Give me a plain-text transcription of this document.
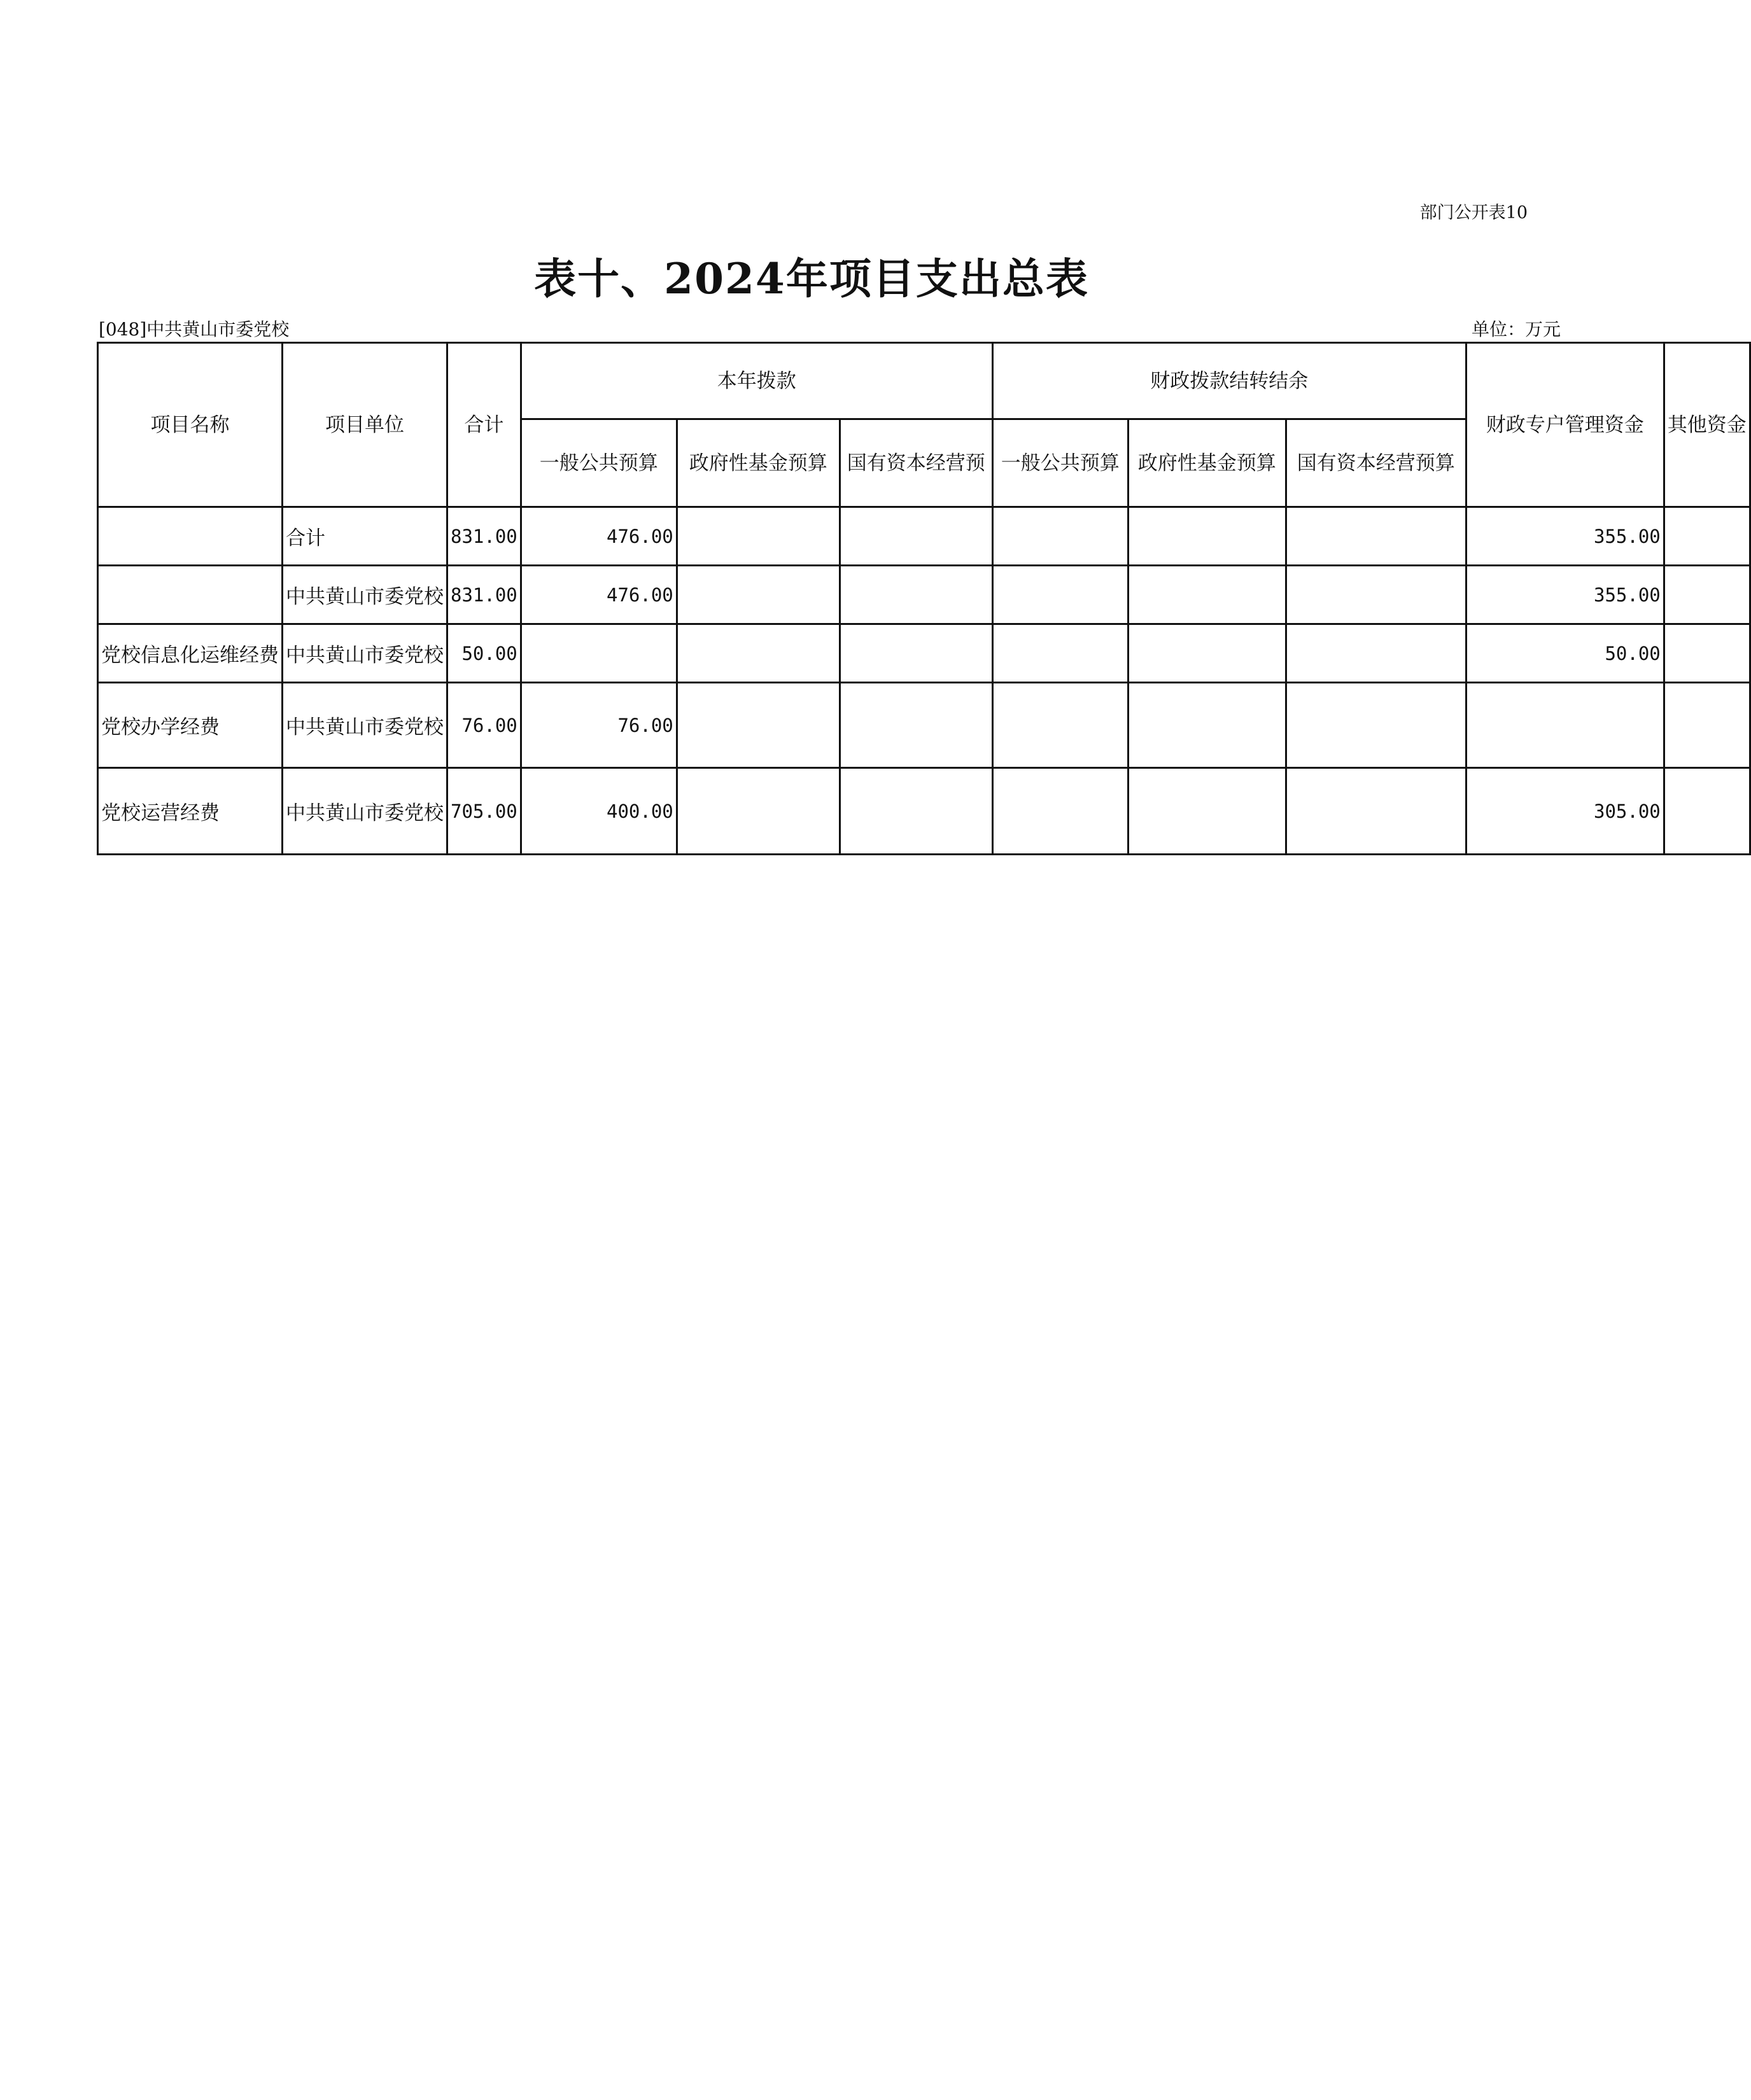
部门公开表10
表十、2024年项目支出总表
[048]中共黄山市委党校	单位：万元
项目名称	项目单位	合计	本年拨款			财政拨款结转结余			财政专户管理资金	其他资金
			一般公共预算	政府性基金预算	国有资本经营预	一般公共预算	政府性基金预算	国有资本经营预算		
	合计	831.00	476.00						355.00	
	中共黄山市委党校	831.00	476.00						355.00	
党校信息化运维经费	中共黄山市委党校	50.00							50.00	
党校办学经费	中共黄山市委党校	76.00	76.00							
党校运营经费	中共黄山市委党校	705.00	400.00						305.00	
